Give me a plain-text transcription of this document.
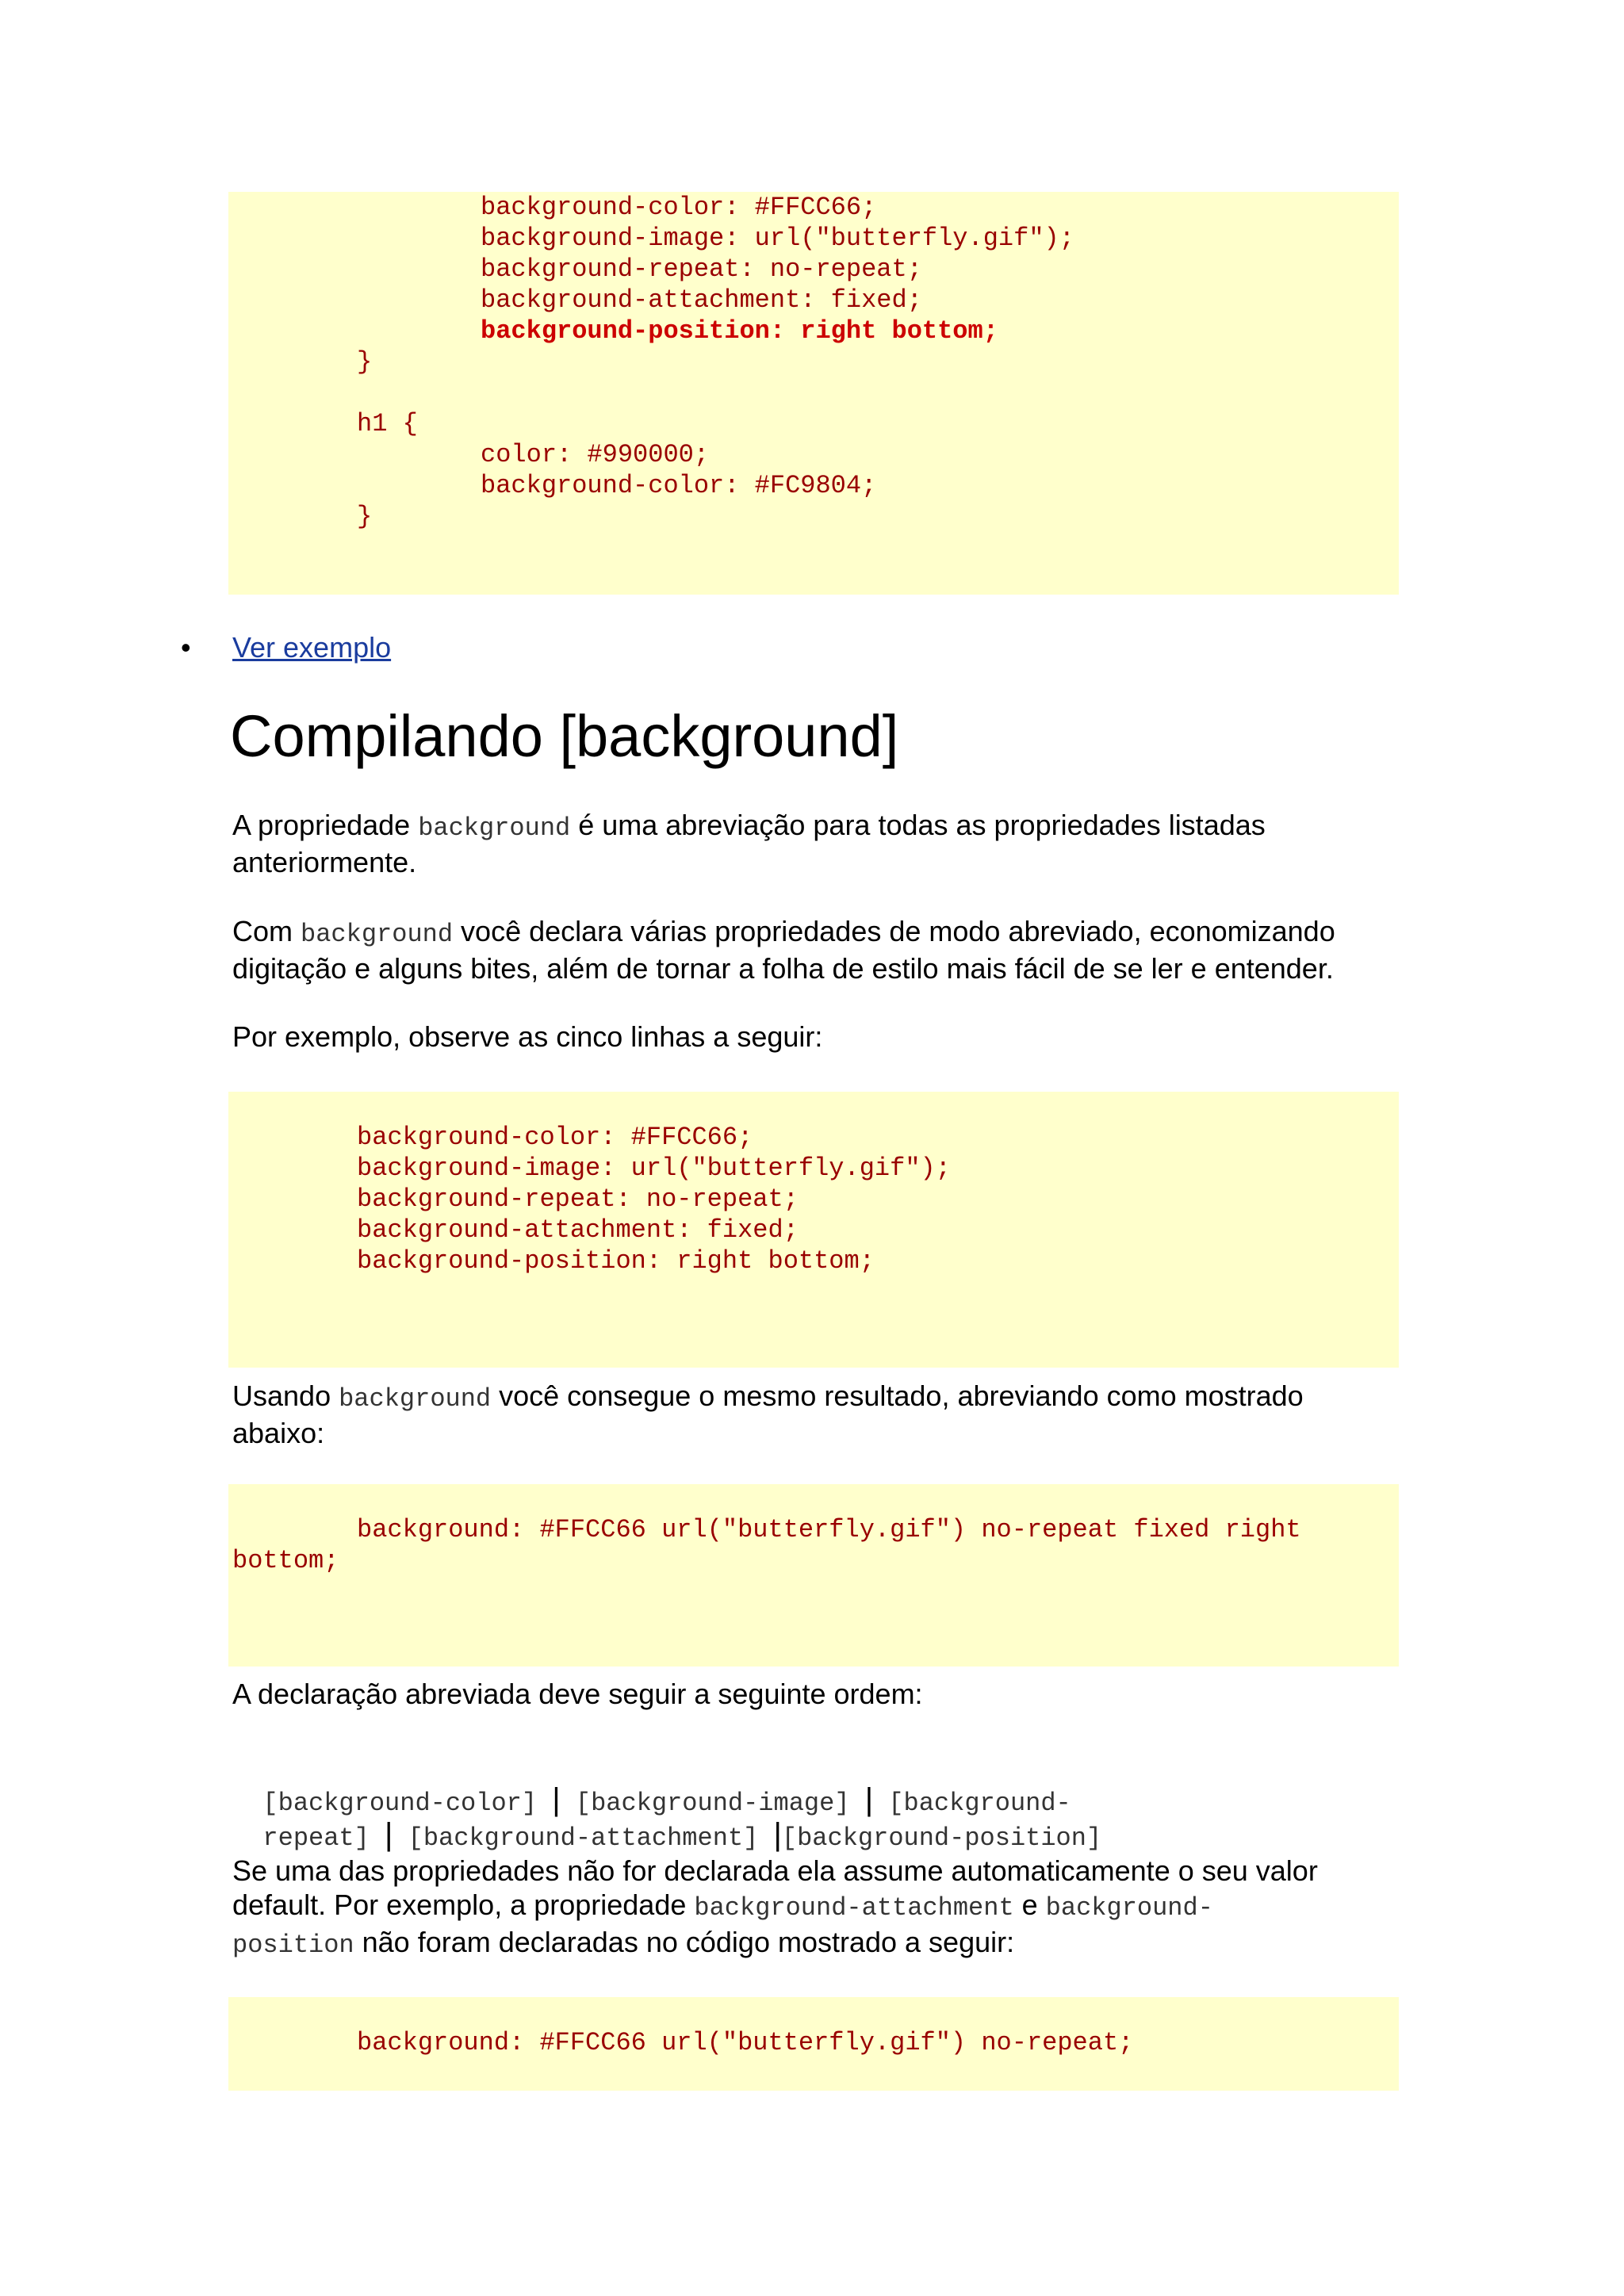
background-color: #FFCC66;
background-image: url("butterfly.gif");
background-repeat: no-repeat;
background-attachment: fixed;
background-position: right bottom;
}
h1 {
color: #990000;
background-color: #FC9804;
}
• Ver exemplo
Compilando [background]

A propriedade background é uma abreviação para todas as propriedades listadas anteriormente.

Com background você declara várias propriedades de modo abreviado, economizando digitação e alguns bites, além de tornar a folha de estilo mais fácil de se ler e entender.

Por exemplo, observe as cinco linhas a seguir:

background-color: #FFCC66;
background-image: url("butterfly.gif");
background-repeat: no-repeat;
background-attachment: fixed;
background-position: right bottom;

Usando background você consegue o mesmo resultado, abreviando como mostrado abaixo:

background: #FFCC66 url("butterfly.gif") no-repeat fixed right
bottom;

A declaração abreviada deve seguir a seguinte ordem:

[background-color] | [background-image] | [background-

repeat] | [background-attachment] |[background-position]

Se uma das propriedades não for declarada ela assume automaticamente o seu valor default. Por exemplo, a propriedade background-attachment e background-
position não foram declaradas no código mostrado a seguir:

background: #FFCC66 url("butterfly.gif") no-repeat;
